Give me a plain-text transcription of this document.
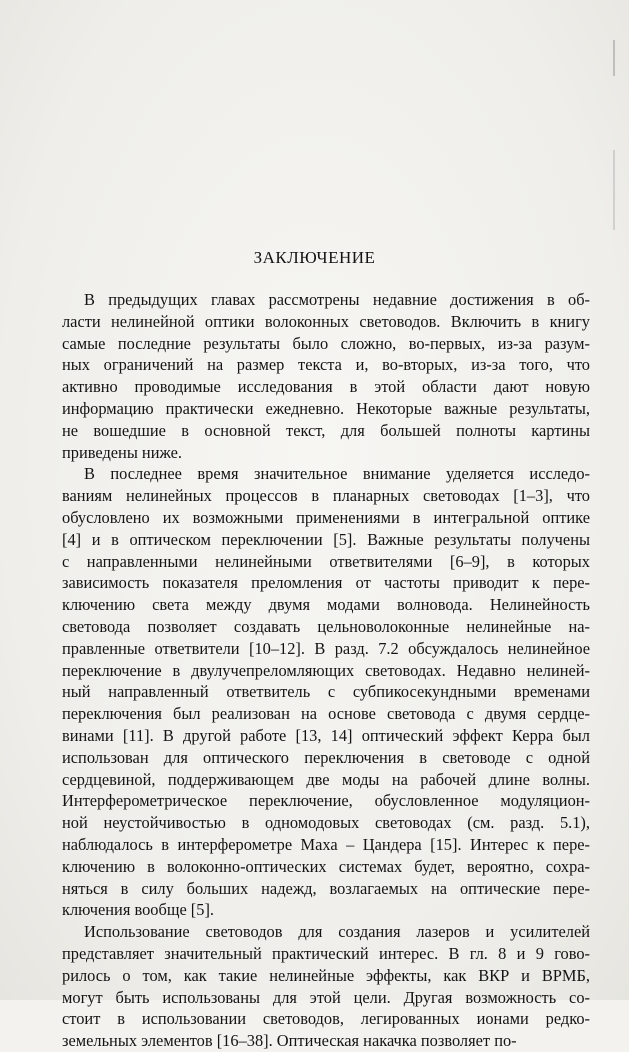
ЗАКЛЮЧЕНИЕ

В предыдущих главах рассмотрены недавние достижения в об-
ласти нелинейной оптики волоконных световодов. Включить в книгу
самые последние результаты было сложно, во-первых, из-за разум-
ных ограничений на размер текста и, во-вторых, из-за того, что
активно проводимые исследования в этой области дают новую
информацию практически ежедневно. Некоторые важные результаты,
не вошедшие в основной текст, для большей полноты картины
приведены ниже.

В последнее время значительное внимание уделяется исследо-
ваниям нелинейных процессов в планарных световодах [1–3], что
обусловлено их возможными применениями в интегральной оптике
[4] и в оптическом переключении [5]. Важные результаты получены
с направленными нелинейными ответвителями [6–9], в которых
зависимость показателя преломления от частоты приводит к пере-
ключению света между двумя модами волновода. Нелинейность
световода позволяет создавать цельноволоконные нелинейные на-
правленные ответвители [10–12]. В разд. 7.2 обсуждалось нелинейное
переключение в двулучепреломляющих световодах. Недавно нелиней-
ный направленный ответвитель с субпикосекундными временами
переключения был реализован на основе световода с двумя сердце-
винами [11]. В другой работе [13, 14] оптический эффект Керра был
использован для оптического переключения в световоде с одной
сердцевиной, поддерживающем две моды на рабочей длине волны.
Интерферометрическое переключение, обусловленное модуляцион-
ной неустойчивостью в одномодовых световодах (см. разд. 5.1),
наблюдалось в интерферометре Маха – Цандера [15]. Интерес к пере-
ключению в волоконно-оптических системах будет, вероятно, сохра-
няться в силу больших надежд, возлагаемых на оптические пере-
ключения вообще [5].

Использование световодов для создания лазеров и усилителей
представляет значительный практический интерес. В гл. 8 и 9 гово-
рилось о том, как такие нелинейные эффекты, как ВКР и ВРМБ,
могут быть использованы для этой цели. Другая возможность со-
стоит в использовании световодов, легированных ионами редко-
земельных элементов [16–38]. Оптическая накачка позволяет по-
